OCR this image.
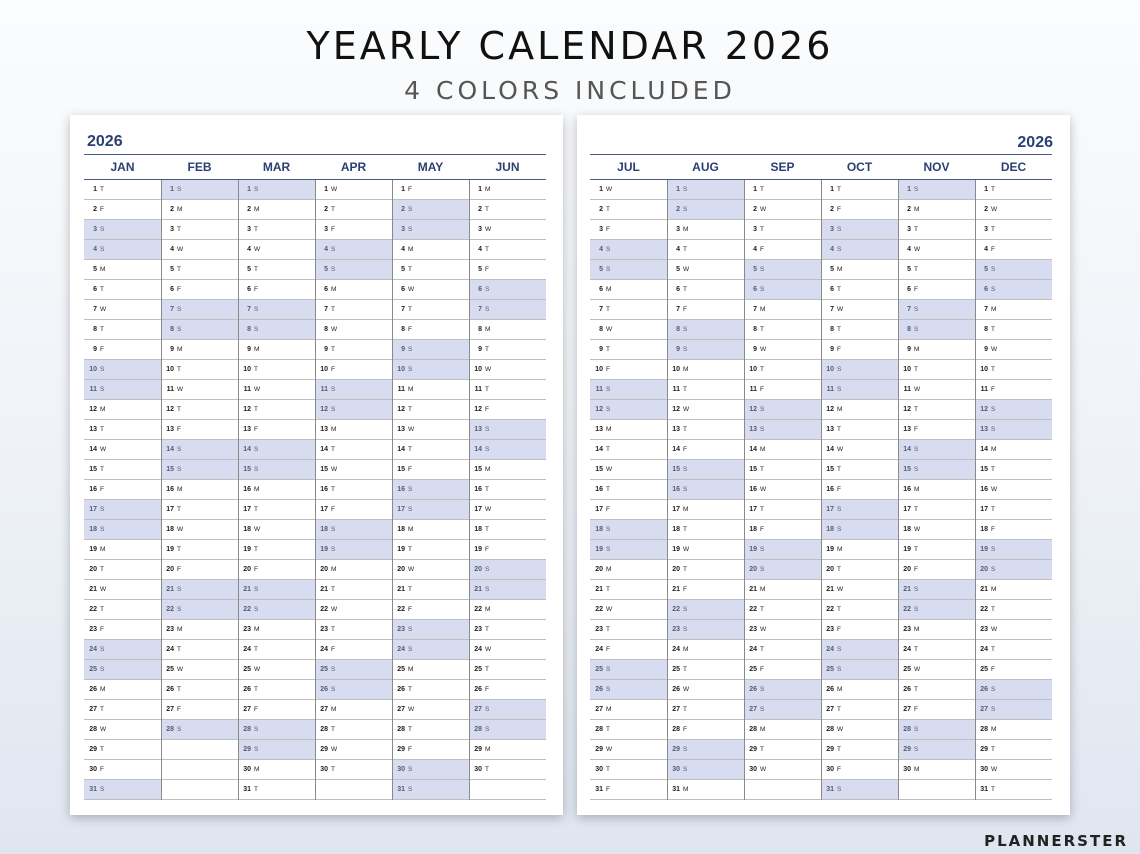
YEARLY CALENDAR 2026
4 COLORS INCLUDED
2026
JAN
1 T
2 F
3 S
4 S
5 M
6 T
7 W
8 T
9 F
10 S
11 S
12 M
13 T
14 W
15 T
16 F
17 S
18 S
19 M
20 T
21 W
22 T
23 F
24 S
25 S
26 M
27 T
28 W
29 T
30 F
31 S
FEB
1 S
2 M
3 T
4 W
5 T
6 F
7 S
8 S
9 M
10 T
11 W
12 T
13 F
14 S
15 S
16 M
17 T
18 W
19 T
20 F
21 S
22 S
23 M
24 T
25 W
26 T
27 F
28 S
MAR
1 S
2 M
3 T
4 W
5 T
6 F
7 S
8 S
9 M
10 T
11 W
12 T
13 F
14 S
15 S
16 M
17 T
18 W
19 T
20 F
21 S
22 S
23 M
24 T
25 W
26 T
27 F
28 S
29 S
30 M
31 T
APR
1 W
2 T
3 F
4 S
5 S
6 M
7 T
8 W
9 T
10 F
11 S
12 S
13 M
14 T
15 W
16 T
17 F
18 S
19 S
20 M
21 T
22 W
23 T
24 F
25 S
26 S
27 M
28 T
29 W
30 T
MAY
1 F
2 S
3 S
4 M
5 T
6 W
7 T
8 F
9 S
10 S
11 M
12 T
13 W
14 T
15 F
16 S
17 S
18 M
19 T
20 W
21 T
22 F
23 S
24 S
25 M
26 T
27 W
28 T
29 F
30 S
31 S
JUN
1 M
2 T
3 W
4 T
5 F
6 S
7 S
8 M
9 T
10 W
11 T
12 F
13 S
14 S
15 M
16 T
17 W
18 T
19 F
20 S
21 S
22 M
23 T
24 W
25 T
26 F
27 S
28 S
29 M
30 T
2026
JUL
1 W
2 T
3 F
4 S
5 S
6 M
7 T
8 W
9 T
10 F
11 S
12 S
13 M
14 T
15 W
16 T
17 F
18 S
19 S
20 M
21 T
22 W
23 T
24 F
25 S
26 S
27 M
28 T
29 W
30 T
31 F
AUG
1 S
2 S
3 M
4 T
5 W
6 T
7 F
8 S
9 S
10 M
11 T
12 W
13 T
14 F
15 S
16 S
17 M
18 T
19 W
20 T
21 F
22 S
23 S
24 M
25 T
26 W
27 T
28 F
29 S
30 S
31 M
SEP
1 T
2 W
3 T
4 F
5 S
6 S
7 M
8 T
9 W
10 T
11 F
12 S
13 S
14 M
15 T
16 W
17 T
18 F
19 S
20 S
21 M
22 T
23 W
24 T
25 F
26 S
27 S
28 M
29 T
30 W
OCT
1 T
2 F
3 S
4 S
5 M
6 T
7 W
8 T
9 F
10 S
11 S
12 M
13 T
14 W
15 T
16 F
17 S
18 S
19 M
20 T
21 W
22 T
23 F
24 S
25 S
26 M
27 T
28 W
29 T
30 F
31 S
NOV
1 S
2 M
3 T
4 W
5 T
6 F
7 S
8 S
9 M
10 T
11 W
12 T
13 F
14 S
15 S
16 M
17 T
18 W
19 T
20 F
21 S
22 S
23 M
24 T
25 W
26 T
27 F
28 S
29 S
30 M
DEC
1 T
2 W
3 T
4 F
5 S
6 S
7 M
8 T
9 W
10 T
11 F
12 S
13 S
14 M
15 T
16 W
17 T
18 F
19 S
20 S
21 M
22 T
23 W
24 T
25 F
26 S
27 S
28 M
29 T
30 W
31 T
PLANNERSTER
